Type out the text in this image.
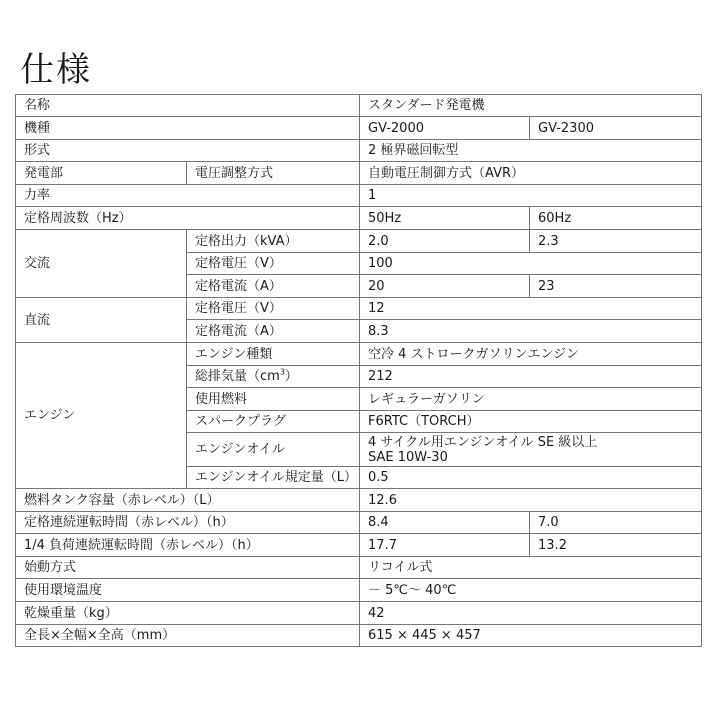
仕様
名称		スタンダード発電機	
機種		GV-2000	GV-2300
形式		2 極界磁回転型	
発電部	電圧調整方式	自動電圧制御方式（AVR）	
力率		1	
定格周波数（Hz）		50Hz	60Hz
交流	定格出力（kVA）	2.0	2.3
	定格電圧（V）	100	
	定格電流（A）	20	23
直流	定格電圧（V）	12	
	定格電流（A）	8.3	
エンジン	エンジン種類	空冷 4 ストロークガソリンエンジン	
	総排気量$(cm^3)$	212	
	使用燃料	レギュラーガソリン	
	スパークプラグ	F6RTC（TORCH）	
	エンジンオイル	4 サイクル用エンジンオイル SE 級以上
SAE 10W-30	

	エンジンオイル規定量（L）	0.5	
燃料タンク容量（赤レベル）（L）		12.6	
定格連続運転時間（赤レベル）（h）		8.4	7.0
1/4 負荷連続運転時間（赤レベル）（h）		17.7	13.2
始動方式		リコイル式	
使用環境温度		－ 5℃～ 40℃	
乾燥重量（kg）		42	
全長×全幅×全高（mm）		615 × 445 × 457	
